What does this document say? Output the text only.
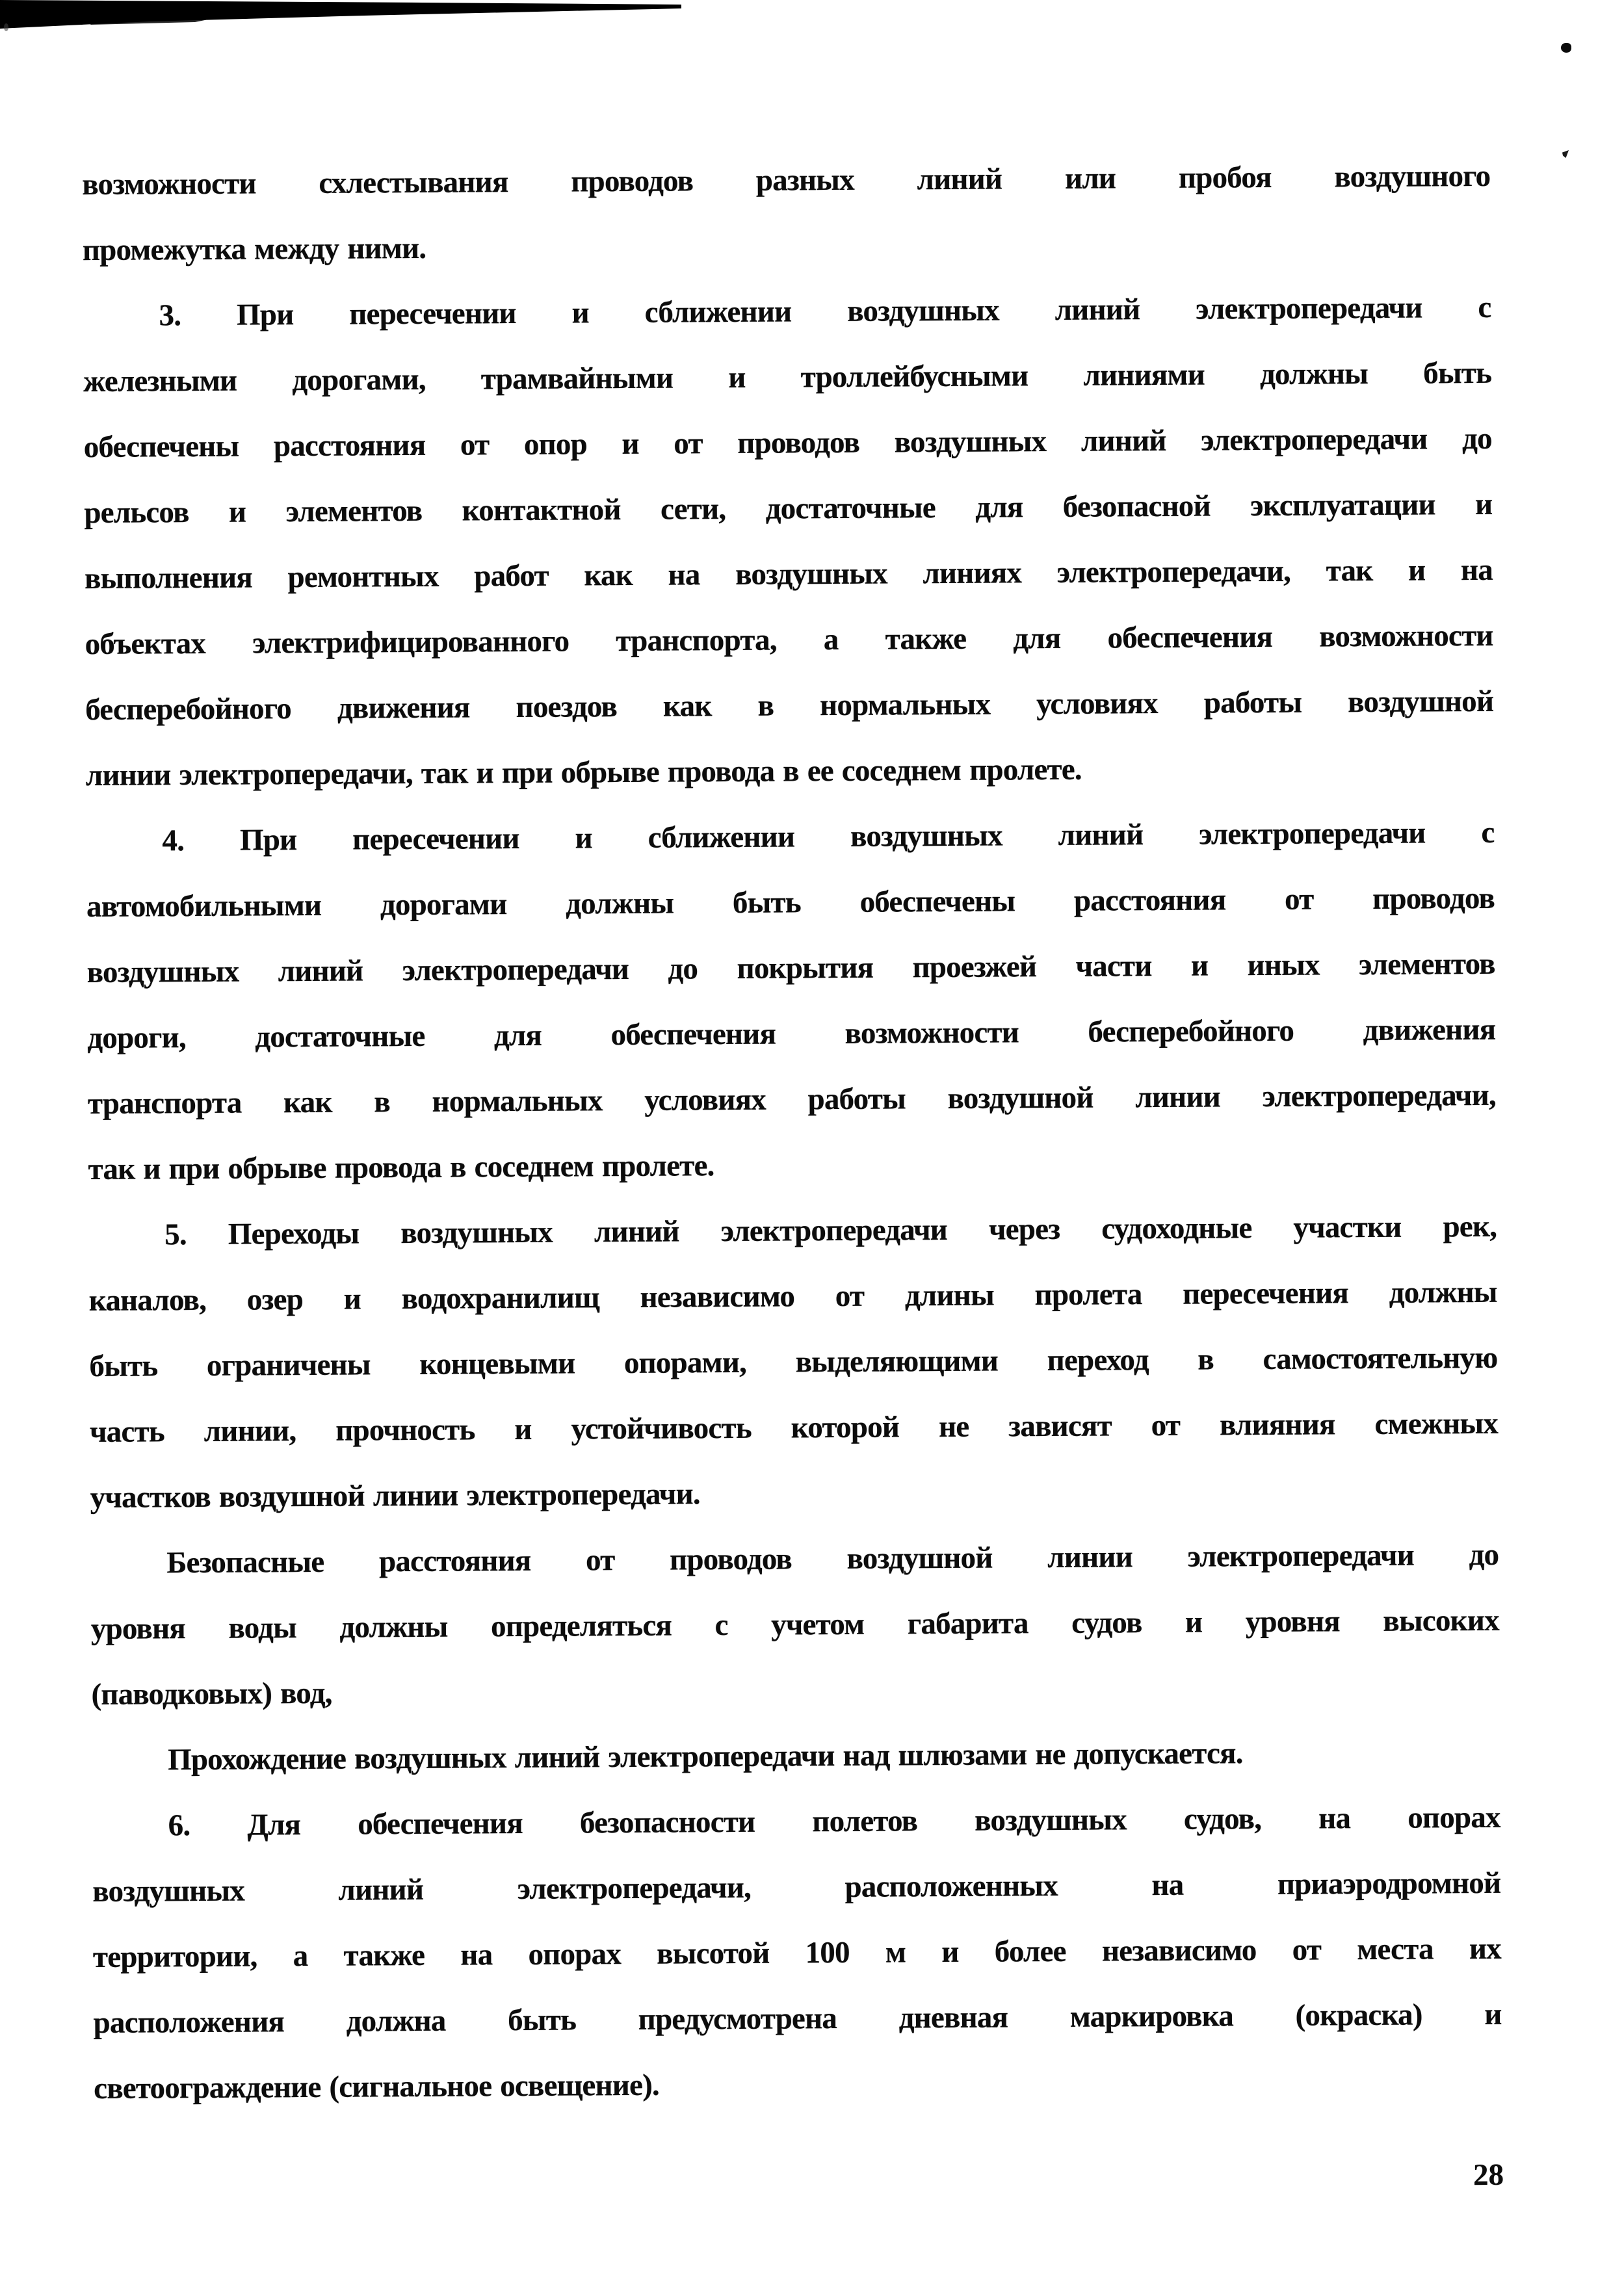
возможности схлестывания проводов разных линий или пробоя воздушного
промежутка между ними.
3. При пересечении и сближении воздушных линий электропередачи с
железными дорогами, трамвайными и троллейбусными линиями должны быть
обеспечены расстояния от опор и от проводов воздушных линий электропередачи до
рельсов и элементов контактной сети, достаточные для безопасной эксплуатации и
выполнения ремонтных работ как на воздушных линиях электропередачи, так и на
объектах электрифицированного транспорта, а также для обеспечения возможности
бесперебойного движения поездов как в нормальных условиях работы воздушной
линии электропередачи, так и при обрыве провода в ее соседнем пролете.
4. При пересечении и сближении воздушных линий электропередачи с
автомобильными дорогами должны быть обеспечены расстояния от проводов
воздушных линий электропередачи до покрытия проезжей части и иных элементов
дороги, достаточные для обеспечения возможности бесперебойного движения
транспорта как в нормальных условиях работы воздушной линии электропередачи,
так и при обрыве провода в соседнем пролете.
5. Переходы воздушных линий электропередачи через судоходные участки рек,
каналов, озер и водохранилищ независимо от длины пролета пересечения должны
быть ограничены концевыми опорами, выделяющими переход в самостоятельную
часть линии, прочность и устойчивость которой не зависят от влияния смежных
участков воздушной линии электропередачи.
Безопасные расстояния от проводов воздушной линии электропередачи до
уровня воды должны определяться с учетом габарита судов и уровня высоких
(паводковых) вод,
Прохождение воздушных линий электропередачи над шлюзами не допускается.
6. Для обеспечения безопасности полетов воздушных судов, на опорах
воздушных линий электропередачи, расположенных на приаэродромной
территории, а также на опорах высотой 100 м и более независимо от места их
расположения должна быть предусмотрена дневная маркировка (окраска) и
светоограждение (сигнальное освещение).
28
